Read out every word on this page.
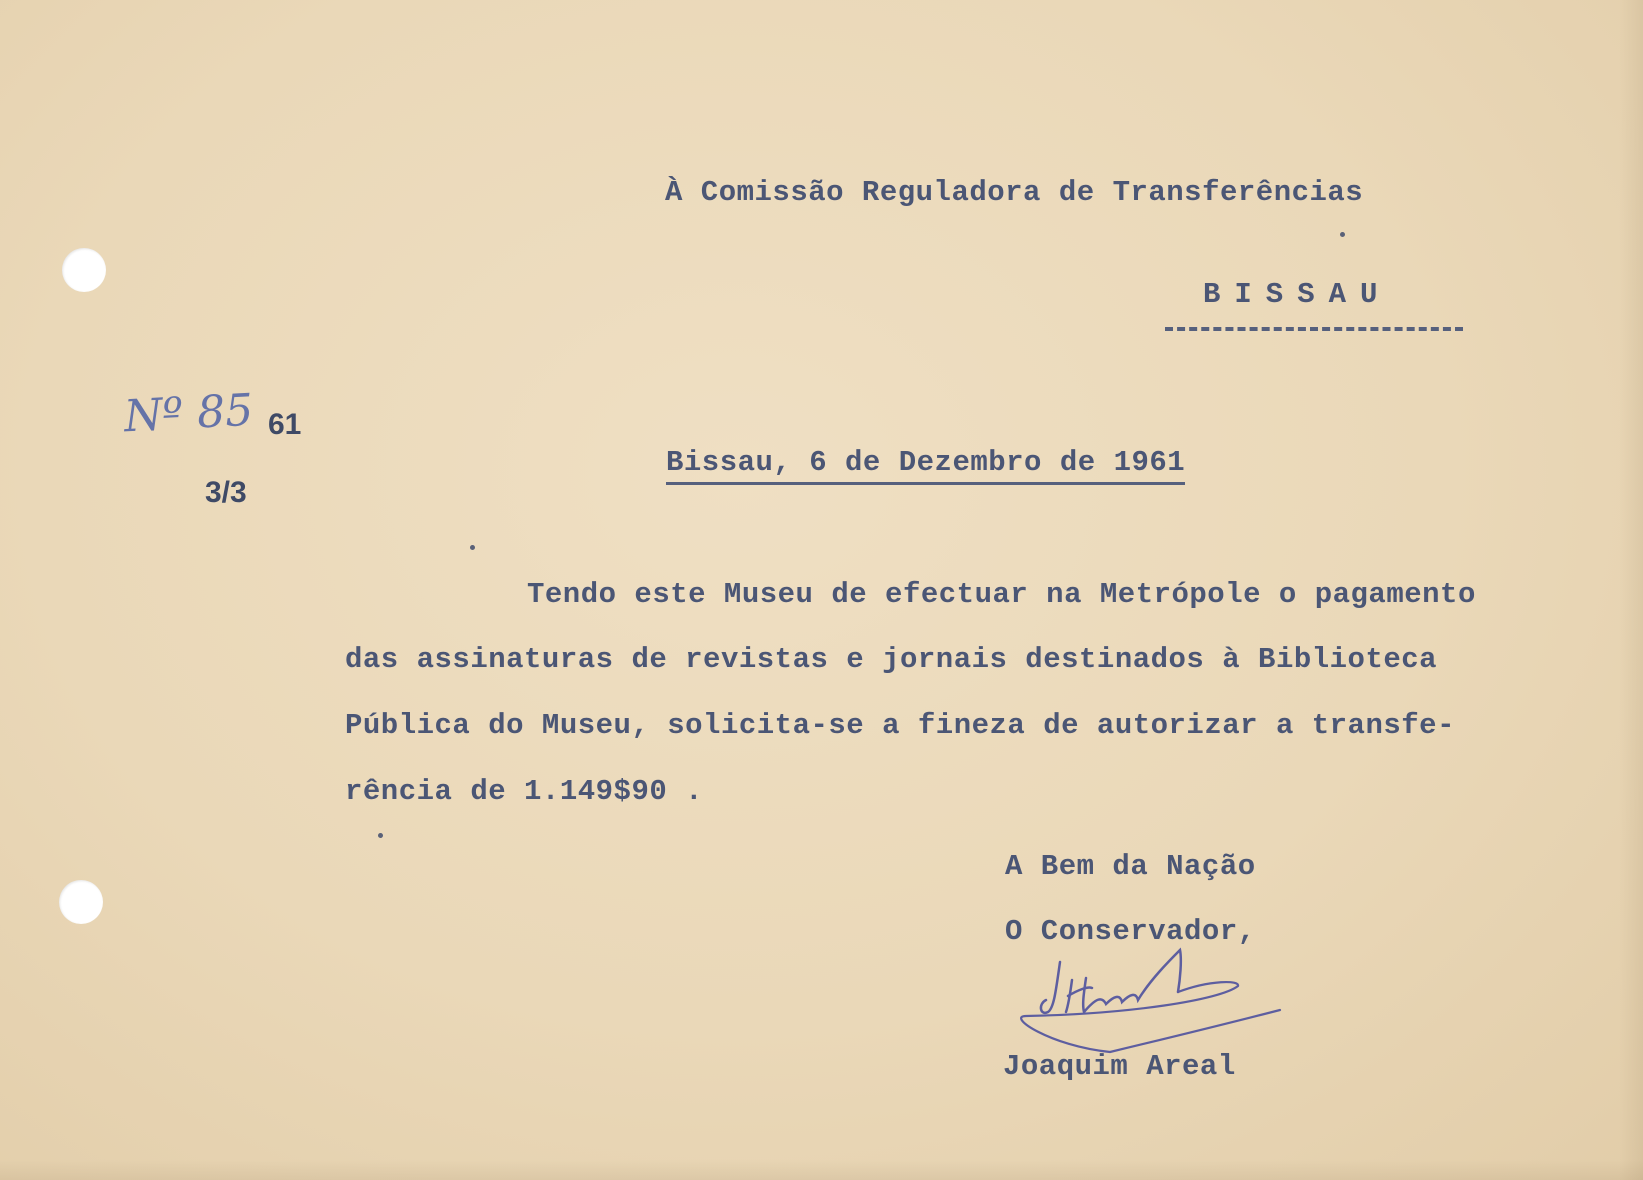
Nº 85 61
3/3
À Comissão Reguladora de Transferências
BISSAU
Bissau, 6 de Dezembro de 1961
Tendo este Museu de efectuar na Metrópole o pagamento
das assinaturas de revistas e jornais destinados à Biblioteca
Pública do Museu, solicita-se a fineza de autorizar a transfe-
rência de 1.149$90 .
A Bem da Nação
O Conservador,
Joaquim Areal
